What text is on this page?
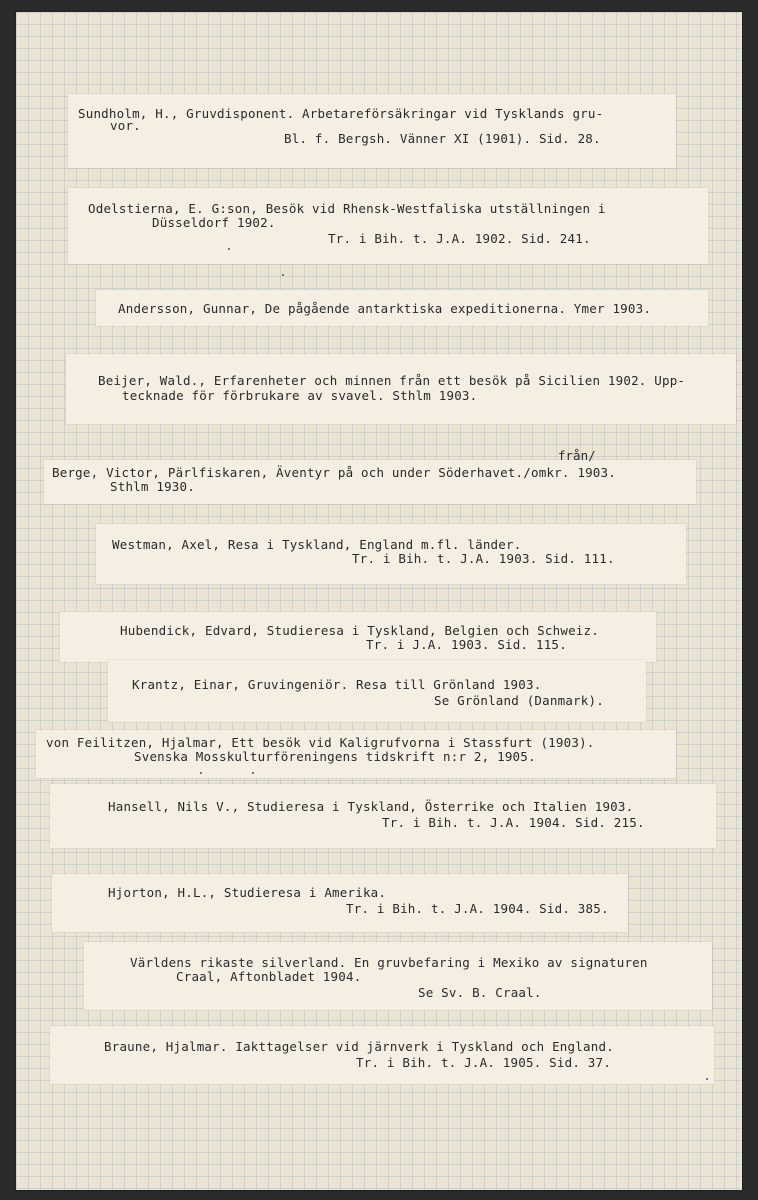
Sundholm, H., Gruvdisponent. Arbetareförsäkringar vid Tysklands gru-
vor.
Bl. f. Bergsh. Vänner XI (1901). Sid. 28.
Odelstierna, E. G:son, Besök vid Rhensk-Westfaliska utställningen i
Düsseldorf 1902.
Tr. i Bih. t. J.A. 1902. Sid. 241.
Andersson, Gunnar, De pågående antarktiska expeditionerna. Ymer 1903.
Beijer, Wald., Erfarenheter och minnen från ett besök på Sicilien 1902. Upp-
tecknade för förbrukare av svavel. Sthlm 1903.
från/
Berge, Victor, Pärlfiskaren, Äventyr på och under Söderhavet./omkr. 1903.
Sthlm 1930.
Westman, Axel, Resa i Tyskland, England m.fl. länder.
Tr. i Bih. t. J.A. 1903. Sid. 111.
Hubendick, Edvard, Studieresa i Tyskland, Belgien och Schweiz.
Tr. i J.A. 1903. Sid. 115.
Krantz, Einar, Gruvingeniör. Resa till Grönland 1903.
Se Grönland (Danmark).
von Feilitzen, Hjalmar, Ett besök vid Kaligrufvorna i Stassfurt (1903).
Svenska Mosskulturföreningens tidskrift n:r 2, 1905.
Hansell, Nils V., Studieresa i Tyskland, Österrike och Italien 1903.
Tr. i Bih. t. J.A. 1904. Sid. 215.
Hjorton, H.L., Studieresa i Amerika.
Tr. i Bih. t. J.A. 1904. Sid. 385.
Världens rikaste silverland. En gruvbefaring i Mexiko av signaturen
Craal, Aftonbladet 1904.
Se Sv. B. Craal.
Braune, Hjalmar. Iakttagelser vid järnverk i Tyskland och England.
Tr. i Bih. t. J.A. 1905. Sid. 37.
